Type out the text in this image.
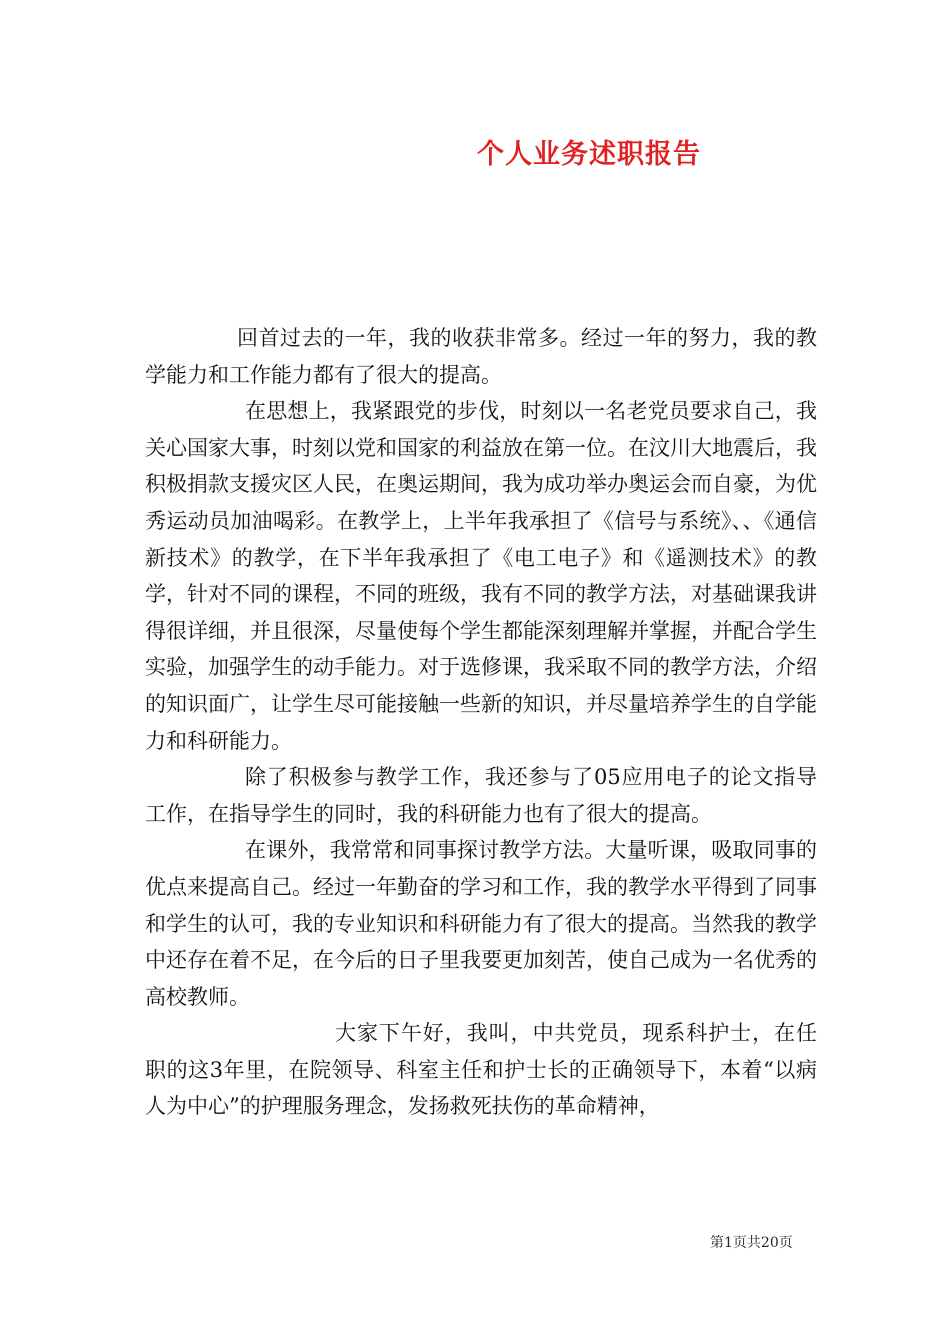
个人业务述职报告

回首过去的一年，我的收获非常多。经过一年的努力，我的教学能力和工作能力都有了很大的提高。

在思想上，我紧跟党的步伐，时刻以一名老党员要求自己，我关心国家大事，时刻以党和国家的利益放在第一位。在汶川大地震后，我积极捐款支援灾区人民，在奥运期间，我为成功举办奥运会而自豪，为优秀运动员加油喝彩。在教学上，上半年我承担了《信号与系统》、、《通信新技术》的教学，在下半年我承担了《电工电子》和《遥测技术》的教学，针对不同的课程，不同的班级，我有不同的教学方法，对基础课我讲得很详细，并且很深，尽量使每个学生都能深刻理解并掌握，并配合学生实验，加强学生的动手能力。对于选修课，我采取不同的教学方法，介绍的知识面广，让学生尽可能接触一些新的知识，并尽量培养学生的自学能力和科研能力。

除了积极参与教学工作，我还参与了05应用电子的论文指导工作，在指导学生的同时，我的科研能力也有了很大的提高。

在课外，我常常和同事探讨教学方法。大量听课，吸取同事的优点来提高自己。经过一年勤奋的学习和工作，我的教学水平得到了同事和学生的认可，我的专业知识和科研能力有了很大的提高。当然我的教学中还存在着不足，在今后的日子里我要更加刻苦，使自己成为一名优秀的高校教师。

大家下午好，我叫，中共党员，现系科护士，在任职的这3年里，在院领导、科室主任和护士长的正确领导下，本着“以病人为中心”的护理服务理念，发扬救死扶伤的革命精神，

第1页共20页
